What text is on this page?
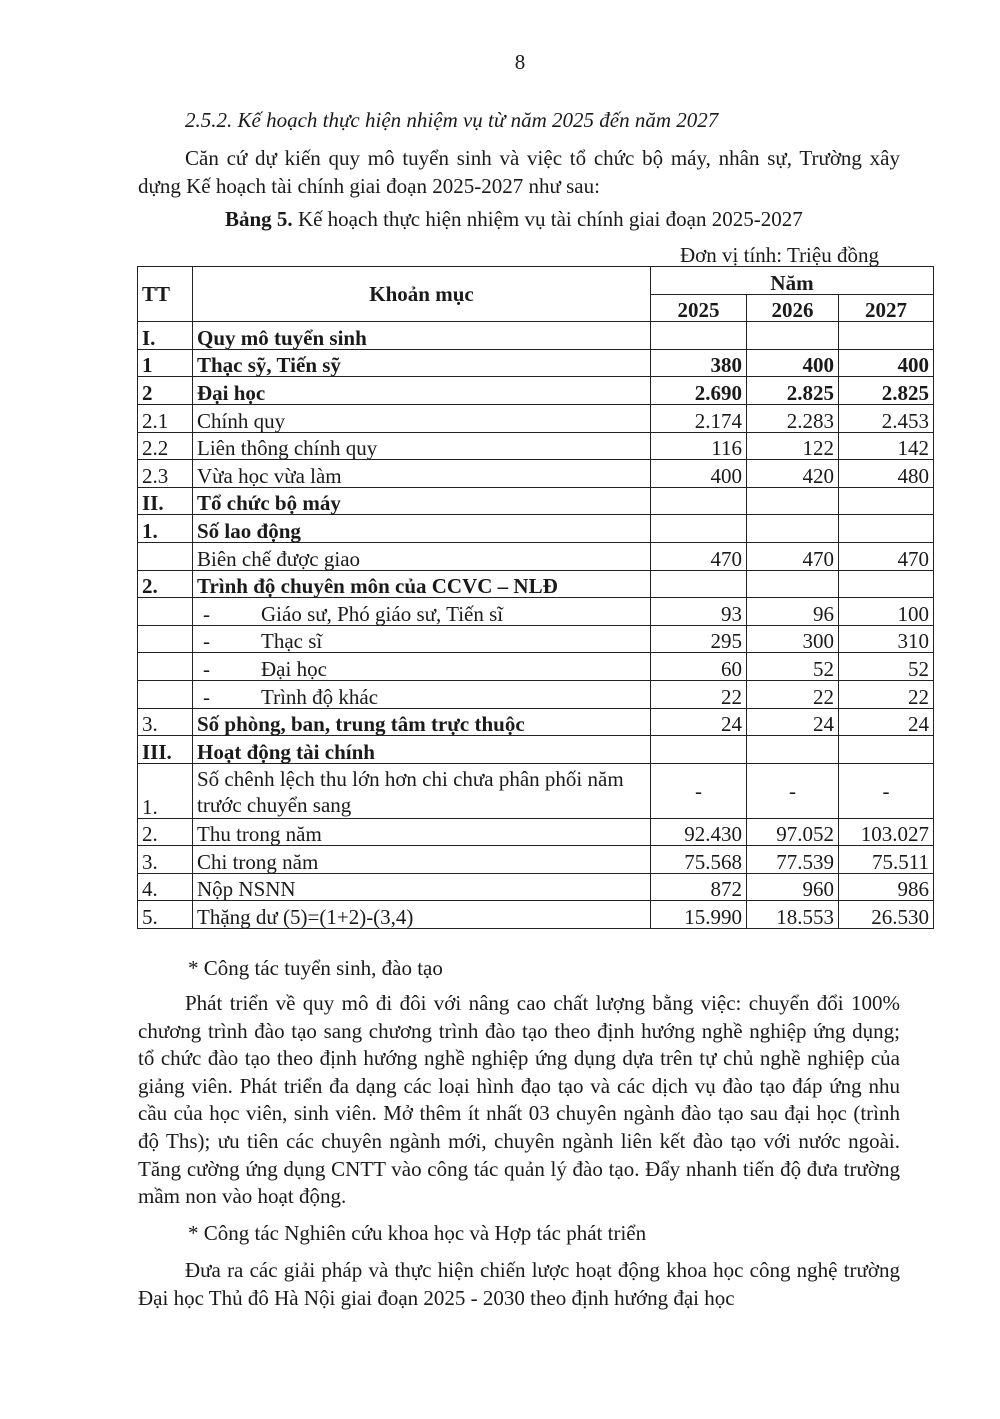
8
2.5.2. Kế hoạch thực hiện nhiệm vụ từ năm 2025 đến năm 2027
Căn cứ dự kiến quy mô tuyển sinh và việc tổ chức bộ máy, nhân sự, Trường xây dựng Kế hoạch tài chính giai đoạn 2025-2027 như sau:
Bảng 5. Kế hoạch thực hiện nhiệm vụ tài chính giai đoạn 2025-2027
Đơn vị tính: Triệu đồng
TT	Khoản mục	Năm		
		2025	2026	2027
I.	Quy mô tuyển sinh			
1	Thạc sỹ, Tiến sỹ	380	400	400
2	Đại học	2.690	2.825	2.825
2.1	Chính quy	2.174	2.283	2.453
2.2	Liên thông chính quy	116	122	142
2.3	Vừa học vừa làm	400	420	480
II.	Tổ chức bộ máy			
1.	Số lao động			
	Biên chế được giao	470	470	470
2.	Trình độ chuyên môn của CCVC – NLĐ			
	- Giáo sư, Phó giáo sư, Tiến sĩ	93	96	100
	- Thạc sĩ	295	300	310
	- Đại học	60	52	52
	- Trình độ khác	22	22	22
3.	Số phòng, ban, trung tâm trực thuộc	24	24	24
III.	Hoạt động tài chính			
1.	Số chênh lệch thu lớn hơn chi chưa phân phối năm trước chuyển sang	-	-	-
2.	Thu trong năm	92.430	97.052	103.027
3.	Chi trong năm	75.568	77.539	75.511
4.	Nộp NSNN	872	960	986
5.	Thặng dư (5)=(1+2)-(3,4)	15.990	18.553	26.530
* Công tác tuyển sinh, đào tạo
Phát triển về quy mô đi đôi với nâng cao chất lượng bằng việc: chuyển đổi 100% chương trình đào tạo sang chương trình đào tạo theo định hướng nghề nghiệp ứng dụng; tổ chức đào tạo theo định hướng nghề nghiệp ứng dụng dựa trên tự chủ nghề nghiệp của giảng viên. Phát triển đa dạng các loại hình đạo tạo và các dịch vụ đào tạo đáp ứng nhu cầu của học viên, sinh viên. Mở thêm ít nhất 03 chuyên ngành đào tạo sau đại học (trình độ Ths); ưu tiên các chuyên ngành mới, chuyên ngành liên kết đào tạo với nước ngoài. Tăng cường ứng dụng CNTT vào công tác quản lý đào tạo. Đẩy nhanh tiến độ đưa trường mầm non vào hoạt động.
* Công tác Nghiên cứu khoa học và Hợp tác phát triển
Đưa ra các giải pháp và thực hiện chiến lược hoạt động khoa học công nghệ trường Đại học Thủ đô Hà Nội giai đoạn 2025 - 2030 theo định hướng đại học
